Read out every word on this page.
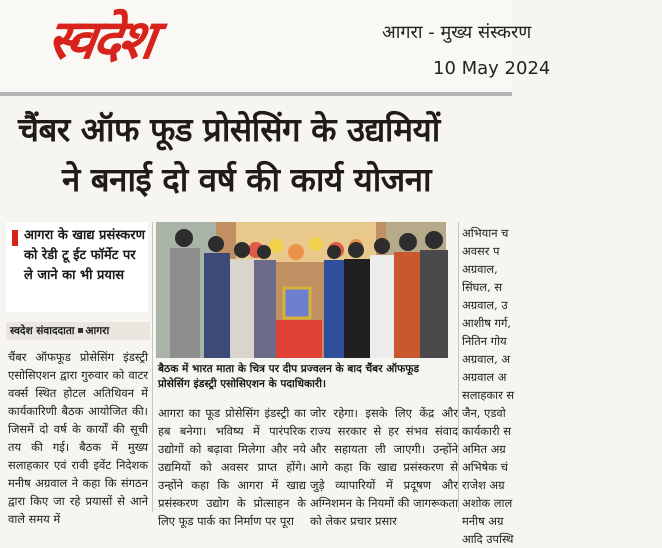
स्वदेश	आगरा - मुख्य संस्करण
10 May 2024
चैंबर ऑफ फूड प्रोसेसिंग के उद्यमियों
ने बनाई दो वर्ष की कार्य योजना
आगरा के खाद्य प्रसंस्करण को रेडी टू ईट फॉर्मेट पर ले जाने का भी प्रयास
स्वदेश संवाददाता आगरा
बैठक में भारत माता के चित्र पर दीप प्रज्वलन के बाद चैंबर ऑफफूड प्रोसेसिंग इंडस्ट्री एसोसिएशन के पदाधिकारी।
चैंबर ऑफफूड प्रोसेसिंग इंडस्ट्री एसोसिएशन द्वारा गुरुवार को वाटर वर्क्स स्थित होटल अतिथिवन में कार्यकारिणी बैठक आयोजित की। जिसमें दो वर्ष के कार्यों की सूची तय की गई। बैठक में मुख्य सलाहकार एवं रावी इवेंट निदेशक मनीष अग्रवाल ने कहा कि संगठन द्वारा किए जा रहे प्रयासों से आने वाले समय में
आगरा का फूड प्रोसेसिंग इंडस्ट्री का हब बनेगा। भविष्य में पारंपरिक उद्योगों को बढ़ावा मिलेगा और नये उद्यमियों को अवसर प्राप्त होंगे। उन्होंने कहा कि आगरा में खाद्य प्रसंस्करण उद्योग के प्रोत्साहन के लिए फूड पार्क का निर्माण पर पूरा
जोर रहेगा। इसके लिए केंद्र और राज्य सरकार से हर संभव संवाद और सहायता ली जाएगी। उन्होंने आगे कहा कि खाद्य प्रसंस्करण से जुड़े व्यापारियों में प्रदूषण और अग्निशमन के नियमों की जागरूकता को लेकर प्रचार प्रसार
अभियान च
अवसर प
अग्रवाल,
सिंघल, स
अग्रवाल, उ
आशीष गर्ग,
नितिन गोय
अग्रवाल, अ
अग्रवाल अ
सलाहकार स
जैन, एडवो
कार्यकारी स
अमित अग्र
अभिषेक चं
राजेश अग्र
अशोक लाल
मनीष अग्र
आदि उपस्थि
